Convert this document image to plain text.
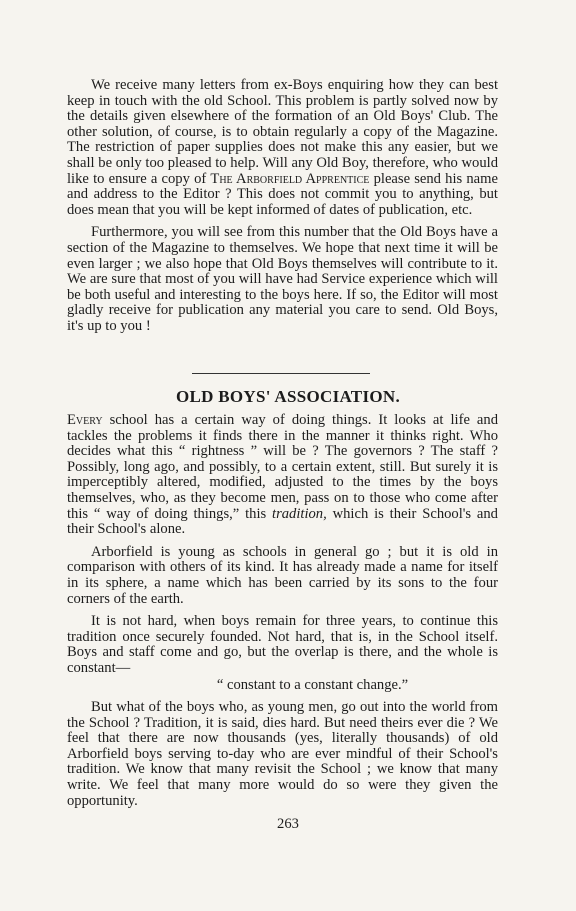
We receive many letters from ex-Boys enquiring how they can best keep in touch with the old School. This problem is partly solved now by the details given elsewhere of the formation of an Old Boys' Club. The other solution, of course, is to obtain regularly a copy of the Magazine. The restriction of paper supplies does not make this any easier, but we shall be only too pleased to help. Will any Old Boy, therefore, who would like to ensure a copy of The Arborfield Apprentice please send his name and address to the Editor ? This does not commit you to anything, but does mean that you will be kept informed of dates of publication, etc.

Furthermore, you will see from this number that the Old Boys have a section of the Magazine to themselves. We hope that next time it will be even larger ; we also hope that Old Boys themselves will contribute to it. We are sure that most of you will have had Service experience which will be both useful and interesting to the boys here. If so, the Editor will most gladly receive for publication any material you care to send. Old Boys, it's up to you !

OLD BOYS' ASSOCIATION.

Every school has a certain way of doing things. It looks at life and tackles the problems it finds there in the manner it thinks right. Who decides what this “ rightness ” will be ? The governors ? The staff ? Possibly, long ago, and possibly, to a certain extent, still. But surely it is imperceptibly altered, modified, adjusted to the times by the boys themselves, who, as they become men, pass on to those who come after this “ way of doing things,” this tradition, which is their School's and their School's alone.

Arborfield is young as schools in general go ; but it is old in comparison with others of its kind. It has already made a name for itself in its sphere, a name which has been carried by its sons to the four corners of the earth.

It is not hard, when boys remain for three years, to continue this tradition once securely founded. Not hard, that is, in the School itself. Boys and staff come and go, but the overlap is there, and the whole is constant—

“ constant to a constant change.”

But what of the boys who, as young men, go out into the world from the School ? Tradition, it is said, dies hard. But need theirs ever die ? We feel that there are now thousands (yes, literally thousands) of old Arborfield boys serving to-day who are ever mindful of their School's tradition. We know that many revisit the School ; we know that many write. We feel that many more would do so were they given the opportunity.

263
